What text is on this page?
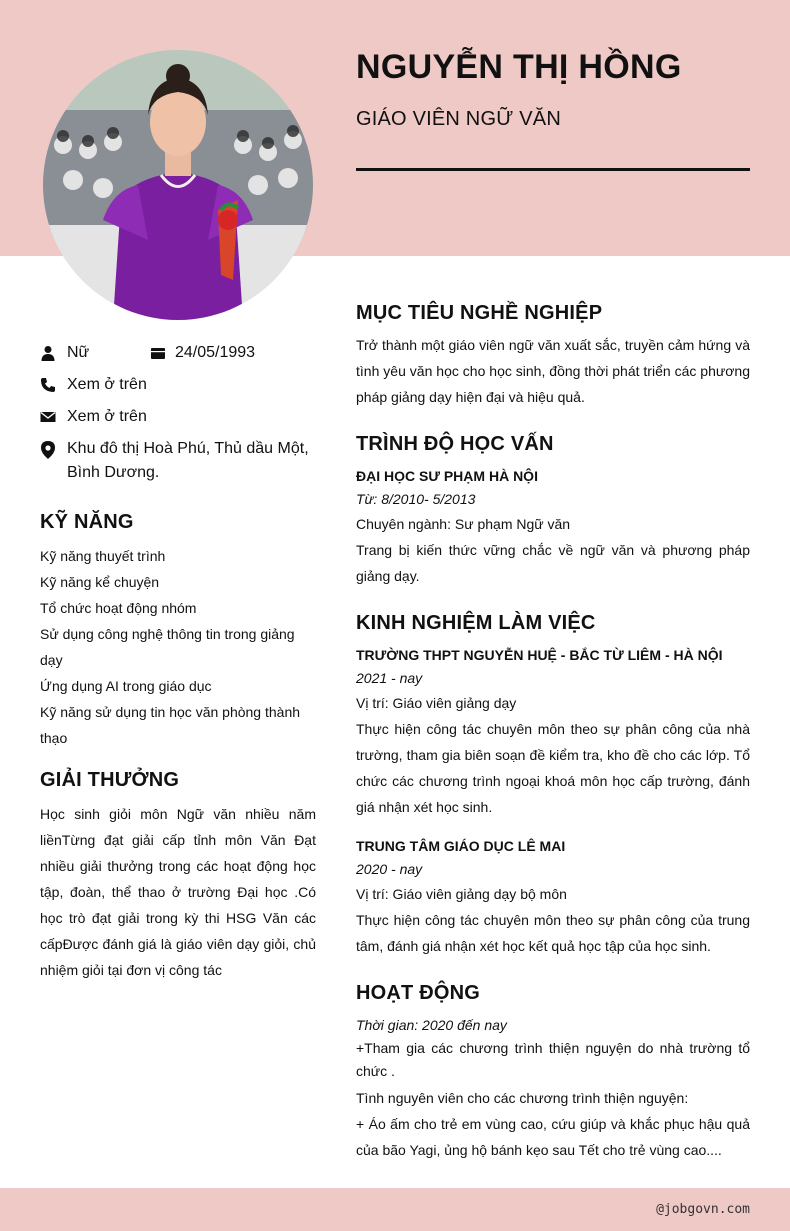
NGUYỄN THỊ HỒNG
GIÁO VIÊN NGỮ VĂN
Nữ	24/05/1993
Xem ở trên
Xem ở trên
Khu đô thị Hoà Phú, Thủ dầu Một,
Bình Dương.
KỸ NĂNG
Kỹ năng thuyết trình
Kỹ năng kể chuyện
Tổ chức hoạt động nhóm
Sử dụng công nghệ thông tin trong giảng dạy
Ứng dụng AI trong giáo dục
Kỹ năng sử dụng tin học văn phòng thành thạo
GIẢI THƯỞNG
Học sinh giỏi môn Ngữ văn nhiều năm liềnTừng đạt giải cấp tỉnh môn Văn Đạt nhiều giải thưởng trong các hoạt động học tập, đoàn, thể thao ở trường Đại học .Có học trò đạt giải trong kỳ thi HSG Văn các cấpĐược đánh giá là giáo viên dạy giỏi, chủ nhiệm giỏi tại đơn vị công tác
MỤC TIÊU NGHỀ NGHIỆP
Trở thành một giáo viên ngữ văn xuất sắc, truyền cảm hứng và tình yêu văn học cho học sinh, đồng thời phát triển các phương pháp giảng dạy hiện đại và hiệu quả.
TRÌNH ĐỘ HỌC VẤN
ĐẠI HỌC SƯ PHẠM HÀ NỘI
Từ: 8/2010- 5/2013
Chuyên ngành: Sư phạm Ngữ văn
Trang bị kiến thức vững chắc về ngữ văn và phương pháp giảng dạy.
KINH NGHIỆM LÀM VIỆC
TRƯỜNG THPT NGUYỄN HUỆ - BẮC TỪ LIÊM - HÀ NỘI
2021 - nay
Vị trí: Giáo viên giảng dạy
Thực hiện công tác chuyên môn theo sự phân công của nhà trường, tham gia biên soạn đề kiểm tra, kho đề cho các lớp. Tổ chức các chương trình ngoại khoá môn học cấp trường, đánh giá nhận xét học sinh.
TRUNG TÂM GIÁO DỤC LÊ MAI
2020 - nay
Vị trí: Giáo viên giảng dạy bộ môn
Thực hiện công tác chuyên môn theo sự phân công của trung tâm, đánh giá nhận xét học kết quả học tập của học sinh.
HOẠT ĐỘNG
Thời gian: 2020 đến nay
+Tham gia các chương trình thiện nguyện do nhà trường tổ chức .
Tình nguyên viên cho các chương trình thiện nguyện:
+ Áo ấm cho trẻ em vùng cao, cứu giúp và khắc phục hậu quả của bão Yagi, ủng hộ bánh kẹo sau Tết cho trẻ vùng cao....
@jobgovn.com
